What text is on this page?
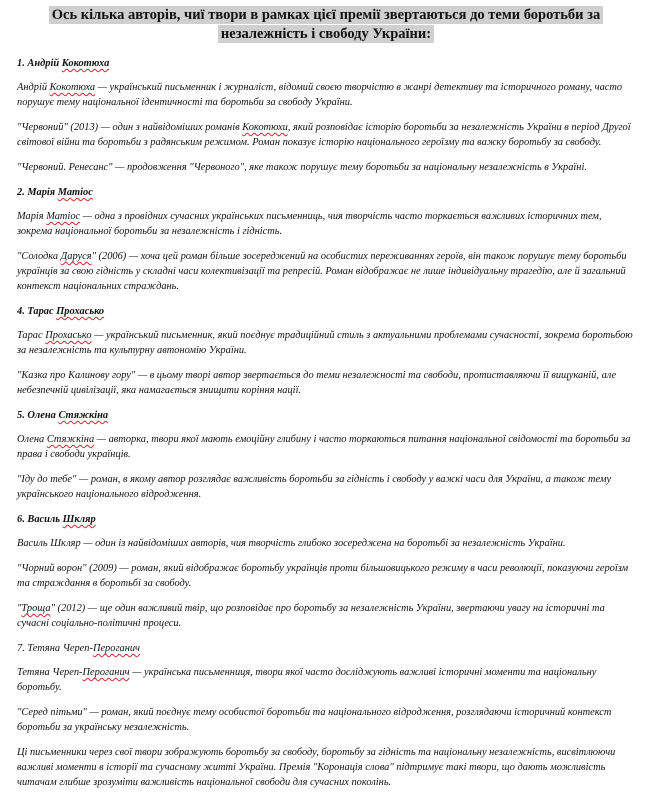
Ось кілька авторів, чиї твори в рамках цієї премії звертаються до теми боротьби за незалежність і свободу України:

1. Андрій Кокотюха

Андрій Кокотюха — український письменник і журналіст, відомий своєю творчістю в жанрі детективу та історичного роману, часто порушує тему національної ідентичності та боротьби за свободу України.

"Червоний" (2013) — один з найвідоміших романів Кокотюхи, який розповідає історію боротьби за незалежність України в період Другої світової війни та боротьби з радянським режимом. Роман показує історію національного героїзму та важку боротьбу за свободу.

"Червоний. Ренесанс" — продовження "Червоного", яке також порушує тему боротьби за національну незалежність в Україні.

2. Марія Матіос

Марія Матіос — одна з провідних сучасних українських письменниць, чия творчість часто торкається важливих історичних тем, зокрема національної боротьби за незалежність і гідність.

"Солодка Даруся" (2006) — хоча цей роман більше зосереджений на особистих переживаннях героїв, він також порушує тему боротьби українців за свою гідність у складні часи колективізації та репресій. Роман відображає не лише індивідуальну трагедію, але й загальний контекст національних страждань.

4. Тарас Прохасько

Тарас Прохасько — український письменник, який поєднує традиційний стиль з актуальними проблемами сучасності, зокрема боротьбою за незалежність та культурну автономію України.

"Казка про Калинову гору" — в цьому творі автор звертається до теми незалежності та свободи, протиставляючи її вищуканій, але небезпечній цивілізації, яка намагається знищити коріння нації.

5. Олена Стяжкіна

Олена Стяжкіна — авторка, твори якої мають емоційну глибину і часто торкаються питання національної свідомості та боротьби за права і свободи українців.

"Іду до тебе" — роман, в якому автор розглядає важливість боротьби за гідність і свободу у важкі часи для України, а також тему українського національного відродження.

6. Василь Шкляр

Василь Шкляр — один із найвідоміших авторів, чия творчість глибоко зосереджена на боротьбі за незалежність України.

"Чорний ворон" (2009) — роман, який відображає боротьбу українців проти більшовицького режиму в часи революції, показуючи героїзм та страждання в боротьбі за свободу.

"Троща" (2012) — ще один важливий твір, що розповідає про боротьбу за незалежність України, звертаючи увагу на історичні та сучасні соціально-політичні процеси.

7. Тетяна Череп-Пероганич

Тетяна Череп-Пероганич — українська письменниця, твори якої часто досліджують важливі історичні моменти та національну боротьбу.

"Серед пітьми" — роман, який поєднує тему особистої боротьби та національного відродження, розглядаючи історичний контекст боротьби за українську незалежність.

Ці письменники через свої твори зображують боротьбу за свободу, боротьбу за гідність та національну незалежність, висвітлюючи важливі моменти в історії та сучасному житті України. Премія "Коронація слова" підтримує такі твори, що дають можливість читачам глибше зрозуміти важливість національної свободи для сучасних поколінь.
